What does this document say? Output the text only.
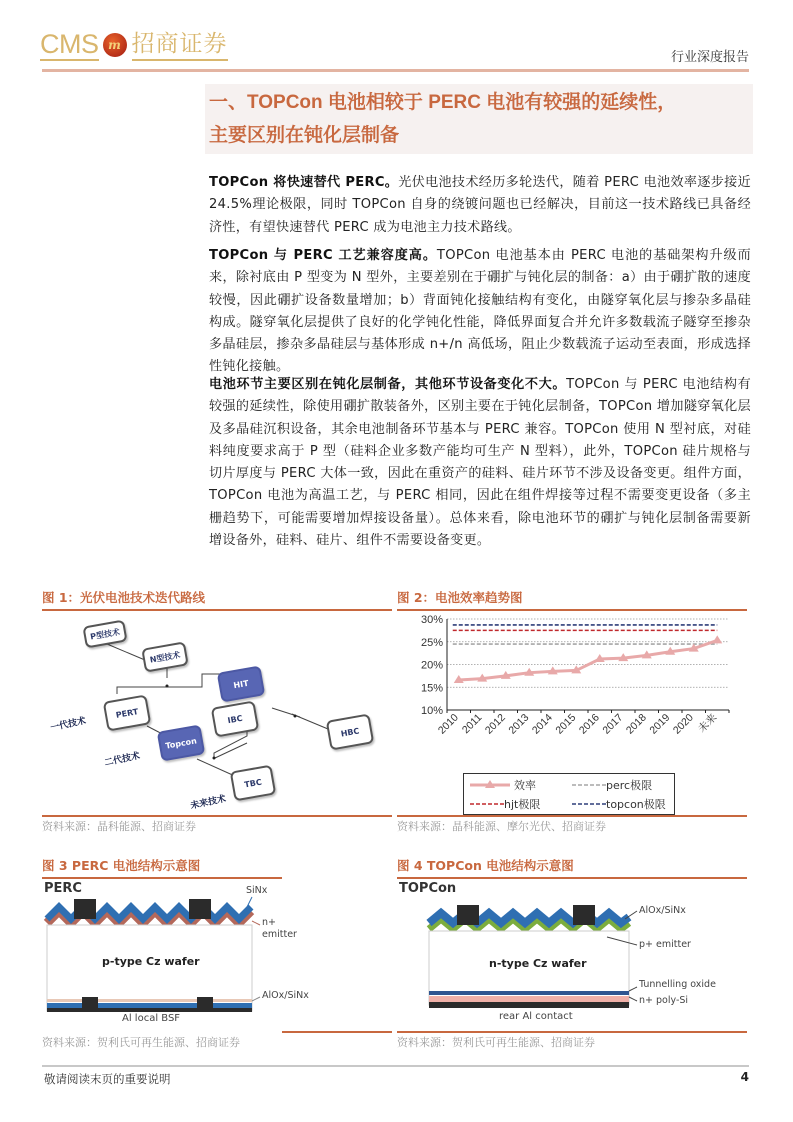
CMS m 招商证券
行业深度报告
一、TOPCon 电池相较于 PERC 电池有较强的延续性，
主要区别在钝化层制备
TOPCon 将快速替代 PERC。光伏电池技术经历多轮迭代，随着 PERC 电池效率逐步接近 24.5%理论极限，同时 TOPCon 自身的绕镀问题也已经解决，目前这一技术路线已具备经济性，有望快速替代 PERC 成为电池主力技术路线。
TOPCon 与 PERC 工艺兼容度高。TOPCon 电池基本由 PERC 电池的基础架构升级而来，除衬底由 P 型变为 N 型外，主要差别在于硼扩与钝化层的制备：a）由于硼扩散的速度较慢，因此硼扩设备数量增加；b）背面钝化接触结构有变化，由隧穿氧化层与掺杂多晶硅构成。隧穿氧化层提供了良好的化学钝化性能，降低界面复合并允许多数载流子隧穿至掺杂多晶硅层，掺杂多晶硅层与基体形成 n+/n 高低场，阻止少数载流子运动至表面，形成选择性钝化接触。
电池环节主要区别在钝化层制备，其他环节设备变化不大。TOPCon 与 PERC 电池结构有较强的延续性，除使用硼扩散装备外，区别主要在于钝化层制备，TOPCon 增加隧穿氧化层及多晶硅沉积设备，其余电池制备环节基本与 PERC 兼容。TOPCon 使用 N 型衬底，对硅料纯度要求高于 P 型（硅料企业多数产能均可生产 N 型料），此外，TOPCon 硅片规格与切片厚度与 PERC 大体一致，因此在重资产的硅料、硅片环节不涉及设备变更。组件方面，TOPCon 电池为高温工艺，与 PERC 相同，因此在组件焊接等过程不需要变更设备（多主栅趋势下，可能需要增加焊接设备量）。总体来看，除电池环节的硼扩与钝化层制备需要新增设备外，硅料、硅片、组件不需要设备变更。
图 1：光伏电池技术迭代路线
P型技术
N型技术
HIT
PERT	IBC
HBC
Topcon
TBC
一代技术
二代技术
未来技术
资料来源：晶科能源、招商证券
图 2：电池效率趋势图
10%
15%
20%
25%
30%
2010 2011
2012
2013
2014
2015
2016
2017
2018
2019
2020 未来
效率	perc极限
hjt极限	topcon极限
资料来源：晶科能源、摩尔光伏、招商证券
图 3 PERC 电池结构示意图
PERC
p-type Cz wafer
SiNx
n+
emitter
AlOx/SiNx
Al local BSF
资料来源：贺利氏可再生能源、招商证券
图 4 TOPCon 电池结构示意图
TOPCon
n-type Cz wafer
AlOx/SiNx
p+ emitter
Tunnelling oxide
n+ poly-Si
rear Al contact
资料来源：贺利氏可再生能源、招商证券
敬请阅读末页的重要说明	4
